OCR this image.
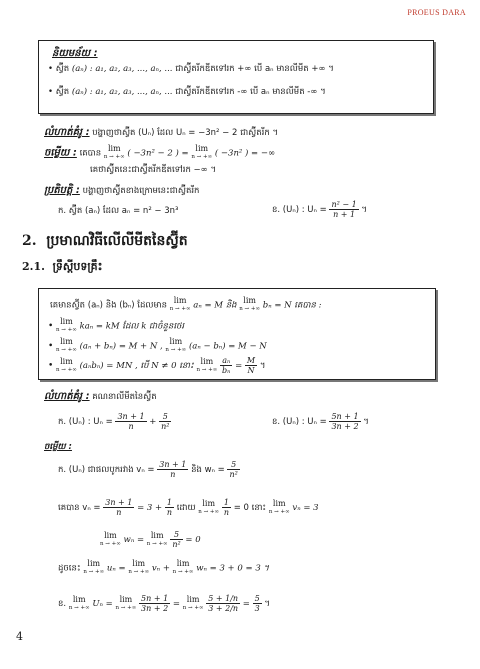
PROEUS DARA
និយមន័យ :
• ស្វ៊ីត (aₙ) : a₁, a₂, a₃, ..., aₙ, ... ជាស្វ៊ីតរីកឌីតទៅរក +∞ បើ aₙ មានលីមីត +∞ ។
• ស្វ៊ីត (aₙ) : a₁, a₂, a₃, ..., aₙ, ... ជាស្វ៊ីតរីកឌីតទៅរក -∞ បើ aₙ មានលីមីត -∞ ។
លំហាត់គំរូ : បង្ហាញថាស្វ៊ីត (Uₙ) ដែល Uₙ = −3n² − 2 ជាស្វ៊ីតរីក ។
ចម្លើយ : គេបាន lim
n → +∞ ( −3n² − 2 ) = lim
n → +∞ ( −3n² ) = −∞
គេថាស្វ៊ីតនេះជាស្វ៊ីតរីកឌីតទៅរក −∞ ។
ប្រតិបត្តិ : បង្ហាញថាស្វ៊ីតខាងក្រោមនេះជាស្វ៊ីតរីក
ក. ស្វ៊ីត (aₙ) ដែល aₙ = n² − 3n³	ខ. (Uₙ) : $U_n = \frac{\text{n² − 1}}{n + 1}$ ។
2. ប្រមាណវិធីលើលីមីតនៃស្វ៊ីត
2.1. ទ្រឹស្ដីបទគ្រឹះ
គេមានស្វ៊ីត (aₙ) និង (bₙ) ដែលមាន lim
n → +∞ aₙ = M និង lim
n → +∞ bₙ = N គេបាន :
• lim
n → +∞ kaₙ = kM ដែល k ជាចំនួនថេរ
• lim
n → +∞ (aₙ + bₙ) = M + N , lim
n → +∞ (aₙ − bₙ) = M − N
• lim
n → +∞ (aₙbₙ) = MN , បើ N ≠ 0 នោះ lim
n → +∞
$\frac{\text{aₙ}}{\text{bₙ}} = \frac{M}{N}$ ។
លំហាត់គំរូ : គណនាលីមីតនៃស្វ៊ីត
ក. (Uₙ) : $U_n = \frac{3n + 1}{n} + \frac{5}{\text{n²}}$	ខ. (Uₙ) : $U_n = \frac{5n + 1}{3n + 2}$ ។
ចម្លើយ :
ក. (Uₙ) ជាផលបូករវាង $v_n = \frac{3n + 1}{n}$ និង $w_n = \frac{5}{\text{n²}}$
គេបាន $v_n = \frac{3n + 1}{n} = 3 + \frac{1}{n}$ ដោយ lim
n → +∞
$\frac{1}{n} = 0$ នោះ lim
n → +∞ vₙ = 3
lim
n → +∞ wₙ = lim
n → +∞
$\frac{5}{\text{n²}} = 0$
ដូចនេះ lim
n → +∞ uₙ = lim
n → +∞ vₙ + lim
n → +∞ wₙ = 3 + 0 = 3 ។
ខ. lim
n → +∞ Uₙ = lim
n → +∞
$\frac{5n + 1}{3n + 2} = \lim$
n → +∞
$\frac{5 + 1/n}{3 + 2/n} = \frac{5}{3}$ ។
4
